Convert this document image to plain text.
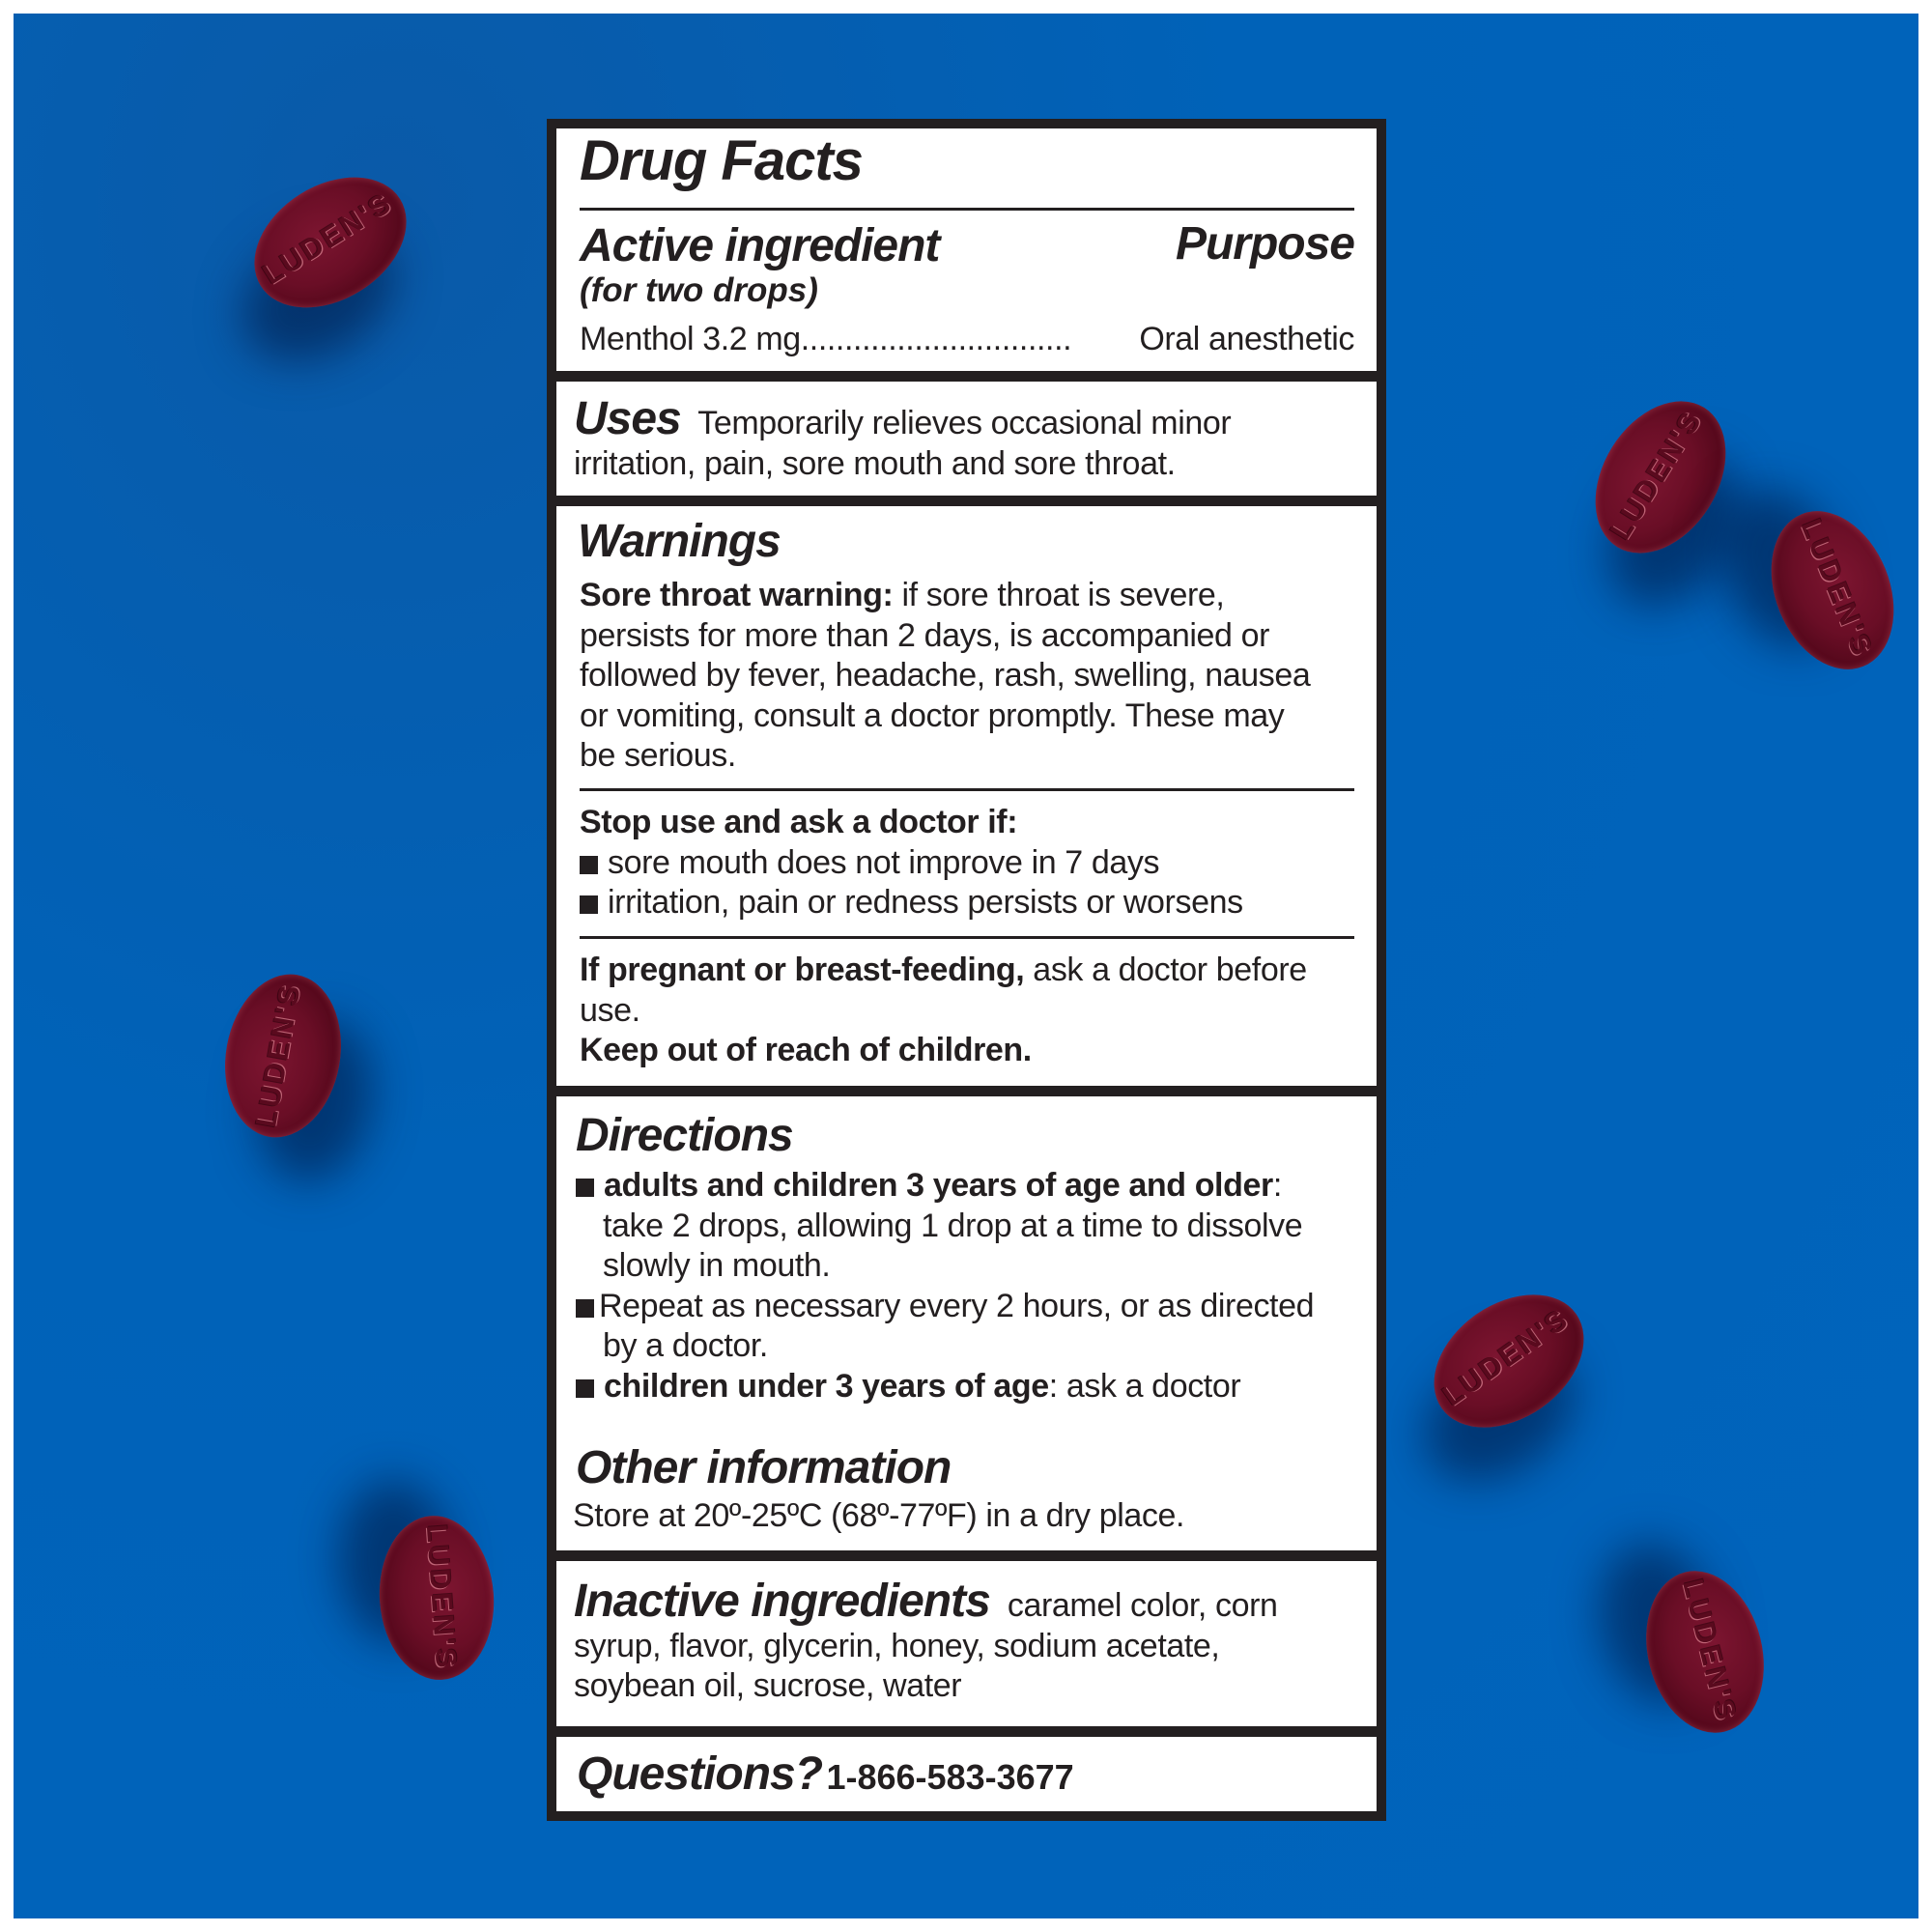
LUDEN'S
LUDEN'S
LUDEN'S
LUDEN'S
LUDEN'S
LUDEN'S	LUDEN'S
Drug Facts
Active ingredient	Purpose
(for two drops)
Menthol 3.2 mg ...............................	Oral anesthetic
Uses Temporarily relieves occasional minor
irritation, pain, sore mouth and sore throat.
Warnings
Sore throat warning: if sore throat is severe,
persists for more than 2 days, is accompanied or
followed by fever, headache, rash, swelling, nausea
or vomiting, consult a doctor promptly. These may
be serious.
Stop use and ask a doctor if:
sore mouth does not improve in 7 days
irritation, pain or redness persists or worsens
If pregnant or breast-feeding, ask a doctor before
use.
Keep out of reach of children.
Directions
adults and children 3 years of age and older:
take 2 drops, allowing 1 drop at a time to dissolve
slowly in mouth.
Repeat as necessary every 2 hours, or as directed
by a doctor.
children under 3 years of age: ask a doctor
Other information
Store at 20º-25ºC (68º-77ºF) in a dry place.
Inactive ingredients  caramel color, corn
syrup, flavor, glycerin, honey, sodium acetate,
soybean oil, sucrose, water
Questions? 1-866-583-3677
